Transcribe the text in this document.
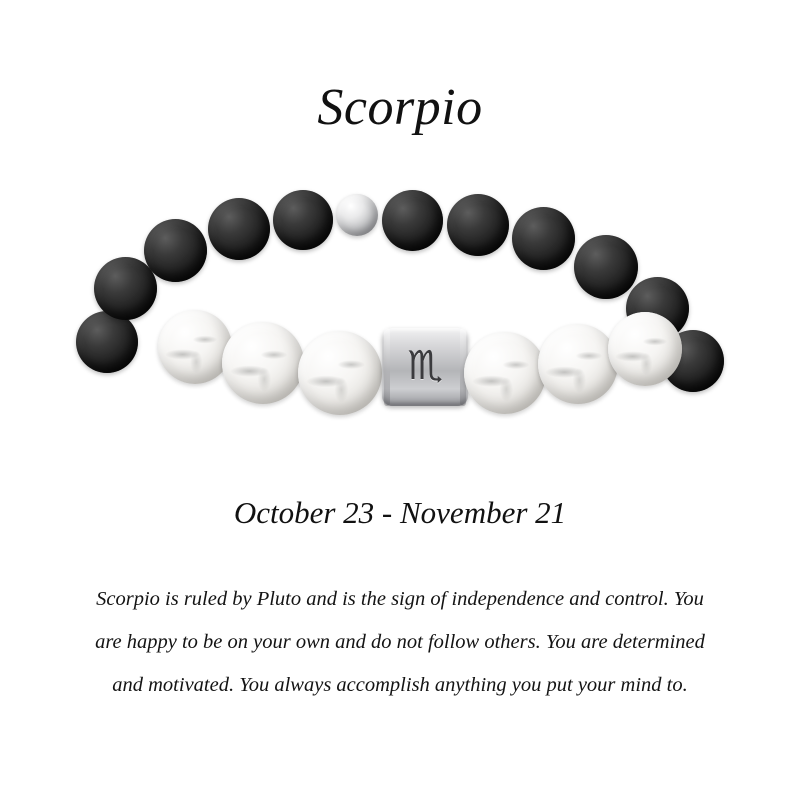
Scorpio
♏
October 23 - November 21
Scorpio is ruled by Pluto and is the sign of independence and control. You are happy to be on your own and do not follow others. You are determined and motivated. You always accomplish anything you put your mind to.
